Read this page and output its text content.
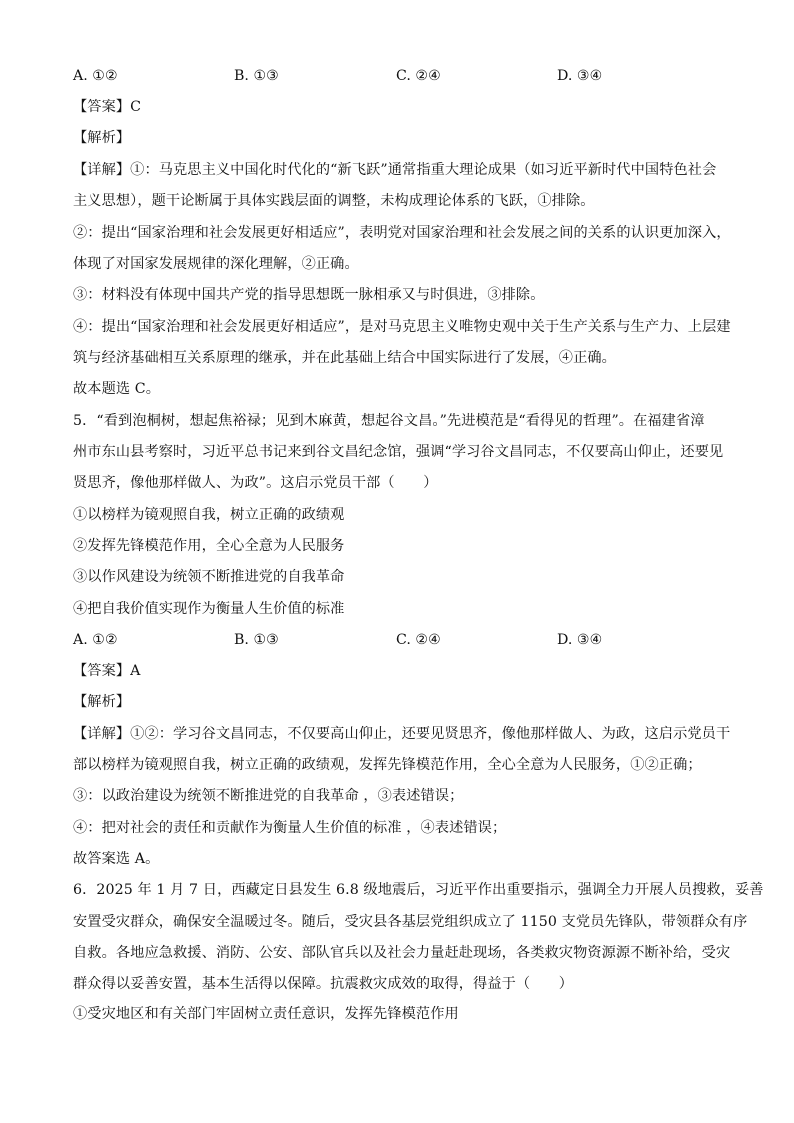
A. ①②	B. ①③	C. ②④	D. ③④
【答案】C
【解析】
【详解】①：马克思主义中国化时代化的“新飞跃”通常指重大理论成果（如习近平新时代中国特色社会
主义思想），题干论断属于具体实践层面的调整，未构成理论体系的飞跃，①排除。
②：提出“国家治理和社会发展更好相适应”，表明党对国家治理和社会发展之间的关系的认识更加深入，
体现了对国家发展规律的深化理解，②正确。
③：材料没有体现中国共产党的指导思想既一脉相承又与时俱进，③排除。
④：提出“国家治理和社会发展更好相适应”，是对马克思主义唯物史观中关于生产关系与生产力、上层建
筑与经济基础相互关系原理的继承，并在此基础上结合中国实际进行了发展，④正确。
故本题选 C。
5．“看到泡桐树，想起焦裕禄；见到木麻黄，想起谷文昌。”先进模范是“看得见的哲理”。在福建省漳
州市东山县考察时，习近平总书记来到谷文昌纪念馆，强调“学习谷文昌同志，不仅要高山仰止，还要见
贤思齐，像他那样做人、为政”。这启示党员干部（　　）
①以榜样为镜观照自我，树立正确的政绩观
②发挥先锋模范作用，全心全意为人民服务
③以作风建设为统领不断推进党的自我革命
④把自我价值实现作为衡量人生价值的标准
A. ①②	B. ①③	C. ②④	D. ③④
【答案】A
【解析】
【详解】①②：学习谷文昌同志，不仅要高山仰止，还要见贤思齐，像他那样做人、为政，这启示党员干
部以榜样为镜观照自我，树立正确的政绩观，发挥先锋模范作用，全心全意为人民服务，①②正确；
③：以政治建设为统领不断推进党的自我革命 ，③表述错误；
④：把对社会的责任和贡献作为衡量人生价值的标准 ，④表述错误；
故答案选 A。
6．2025 年 1 月 7 日，西藏定日县发生 6.8 级地震后，习近平作出重要指示，强调全力开展人员搜救，妥善
安置受灾群众，确保安全温暖过冬。随后，受灾县各基层党组织成立了 1150 支党员先锋队，带领群众有序
自救。各地应急救援、消防、公安、部队官兵以及社会力量赶赴现场，各类救灾物资源源不断补给，受灾
群众得以妥善安置，基本生活得以保障。抗震救灾成效的取得，得益于（　　）
①受灾地区和有关部门牢固树立责任意识，发挥先锋模范作用
